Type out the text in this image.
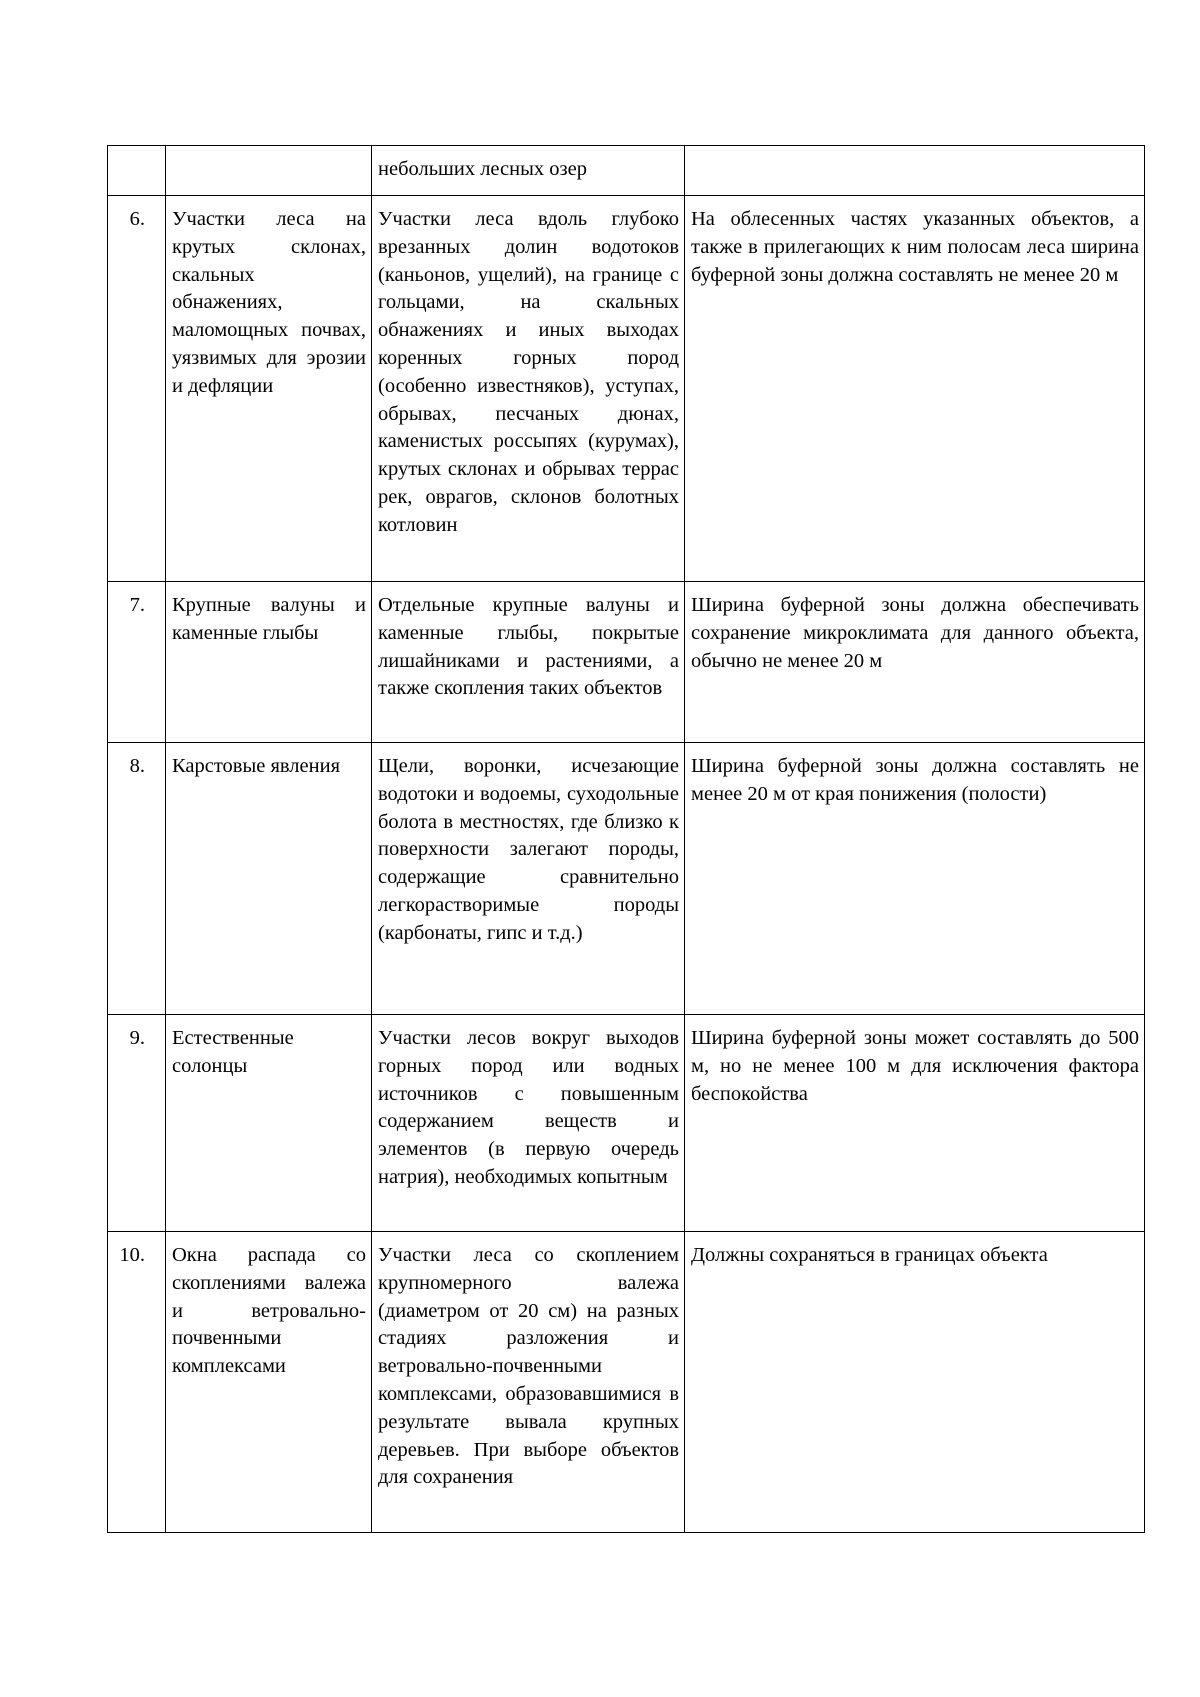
		небольших лесных озер	
6.	Участки леса на крутых склонах, скальных обнажениях, маломощных почвах, уязвимых для эрозии и дефляции	Участки леса вдоль глубоко врезанных долин водотоков (каньонов, ущелий), на границе с гольцами, на скальных обнажениях и иных выходах коренных горных пород (особенно известняков), уступах, обрывах, песчаных дюнах, каменистых россыпях (курумах), крутых склонах и обрывах террас рек, оврагов, склонов болотных котловин	На облесенных частях указанных объектов, а также в прилегающих к ним полосам леса ширина буферной зоны должна составлять не менее 20 м
7.	Крупные валуны и каменные глыбы	Отдельные крупные валуны и каменные глыбы, покрытые лишайниками и растениями, а также скопления таких объектов	Ширина буферной зоны должна обеспечивать сохранение микроклимата для данного объекта, обычно не менее 20 м
8.	Карстовые явления	Щели, воронки, исчезающие водотоки и водоемы, суходольные болота в местностях, где близко к поверхности залегают породы, содержащие сравнительно легкорастворимые породы (карбонаты, гипс и т.д.)	Ширина буферной зоны должна составлять не менее 20 м от края понижения (полости)
9.	Естественные солонцы	Участки лесов вокруг выходов горных пород или водных источников с повышенным содержанием веществ и элементов (в первую очередь натрия), необходимых копытным	Ширина буферной зоны может составлять до 500 м, но не менее 100 м для исключения фактора беспокойства
10.	Окна распада со скоплениями валежа и ветровально-почвенными комплексами	Участки леса со скоплением крупномерного валежа (диаметром от 20 см) на разных стадиях разложения и ветровально-почвенными комплексами, образовавшимися в результате вывала крупных деревьев. При выборе объектов для сохранения	Должны сохраняться в границах объекта
